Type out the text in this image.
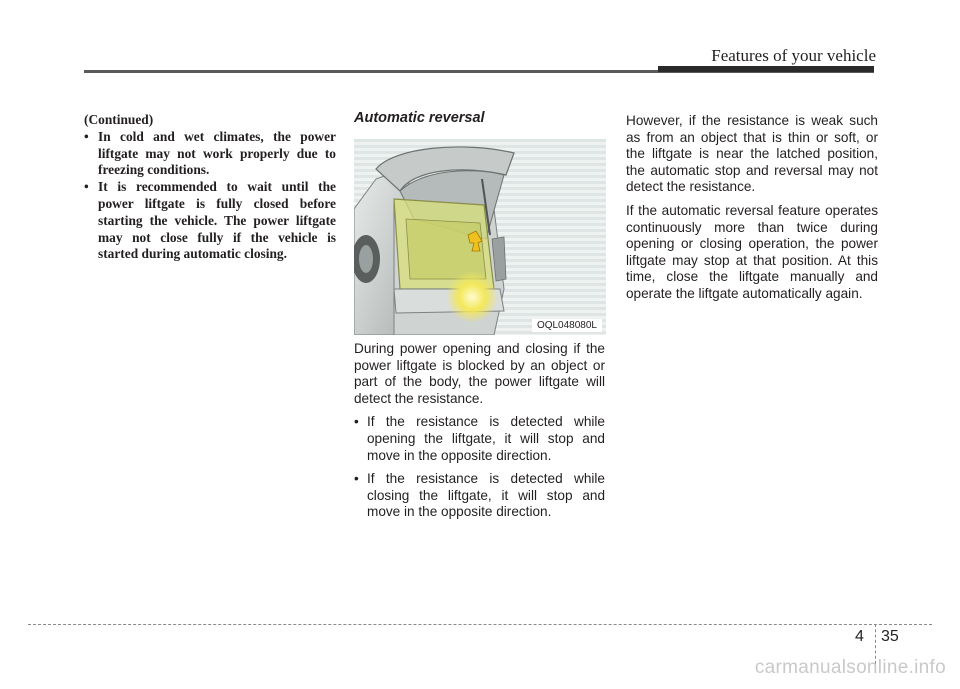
Features of your vehicle

(Continued)

• In cold and wet climates, the power liftgate may not work properly due to freezing conditions.
• It is recommended to wait until the power liftgate is fully closed before starting the vehicle. The power liftgate may not close fully if the vehicle is started during automatic closing.
Automatic reversal
OQL048080L

During power opening and closing if the power liftgate is blocked by an object or part of the body, the power liftgate will detect the resistance.

• If the resistance is detected while opening the liftgate, it will stop and move in the opposite direction.
• If the resistance is detected while closing the liftgate, it will stop and move in the opposite direction.

However, if the resistance is weak such as from an object that is thin or soft, or the liftgate is near the latched position, the automatic stop and reversal may not detect the resistance.

If the automatic reversal feature operates continuously more than twice during opening or closing operation, the power liftgate may stop at that position. At this time, close the liftgate manually and operate the liftgate automatically again.

4 35
carmanualsonline.info
